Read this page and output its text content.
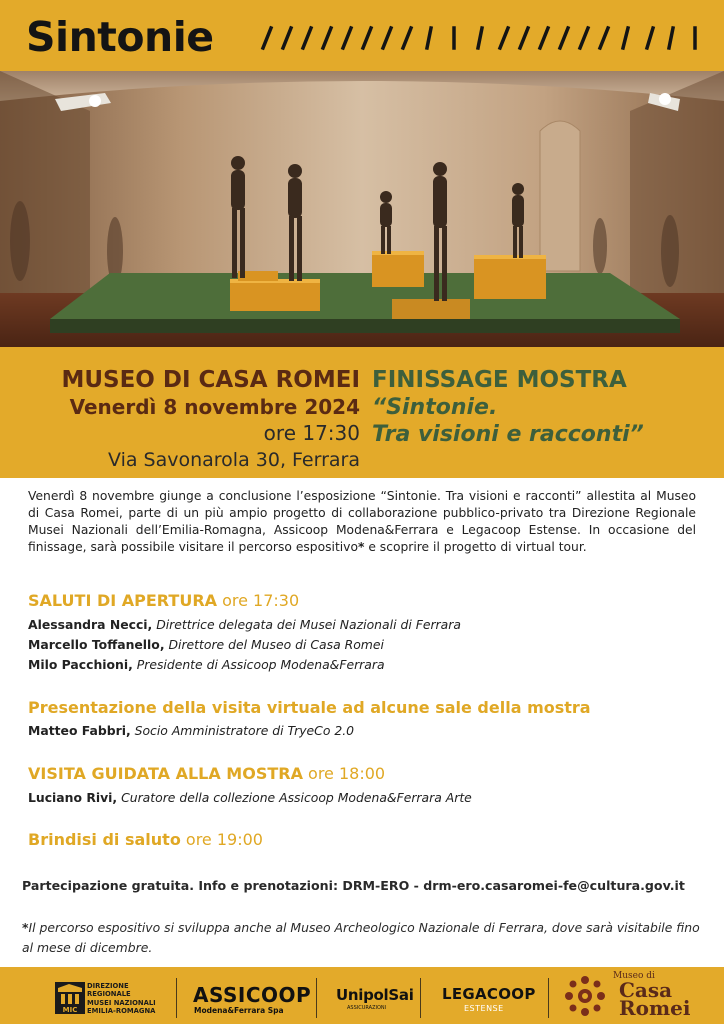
Sintonie
MUSEO DI CASA ROMEI
Venerdì 8 novembre 2024
ore 17:30
Via Savonarola 30, Ferrara
FINISSAGE MOSTRA
“Sintonie.
Tra visioni e racconti”
Venerdì 8 novembre giunge a conclusione l’esposizione “Sintonie. Tra visioni e racconti” allestita al Museo di Casa Romei, parte di un più ampio progetto di collaborazione pubblico-privato tra Direzione Regionale Musei Nazionali dell’Emilia-Romagna, Assicoop Modena&Ferrara e Legacoop Estense. In occasione del finissage, sarà possibile visitare il percorso espositivo* e scoprire il progetto di virtual tour.
SALUTI DI APERTURA ore 17:30
Alessandra Necci, Direttrice delegata dei Musei Nazionali di Ferrara
Marcello Toffanello, Direttore del Museo di Casa Romei
Milo Pacchioni, Presidente di Assicoop Modena&Ferrara
Presentazione della visita virtuale ad alcune sale della mostra
Matteo Fabbri, Socio Amministratore di TryeCo 2.0
VISITA GUIDATA ALLA MOSTRA ore 18:00
Luciano Rivi, Curatore della collezione Assicoop Modena&Ferrara Arte
Brindisi di saluto ore 19:00
Partecipazione gratuita. Info e prenotazioni: DRM-ERO - drm-ero.casaromei-fe@cultura.gov.it
*Il percorso espositivo si sviluppa anche al Museo Archeologico Nazionale di Ferrara, dove sarà visitabile fino al mese di dicembre.
MIC
DIREZIONE
REGIONALE
MUSEI NAZIONALI
EMILIA-ROMAGNA
ASSICOOP
Modena&Ferrara Spa
UnipolSai
ASSICURAZIONI
LEGACOOP
ESTENSE
Museo di
Casa
Romei
